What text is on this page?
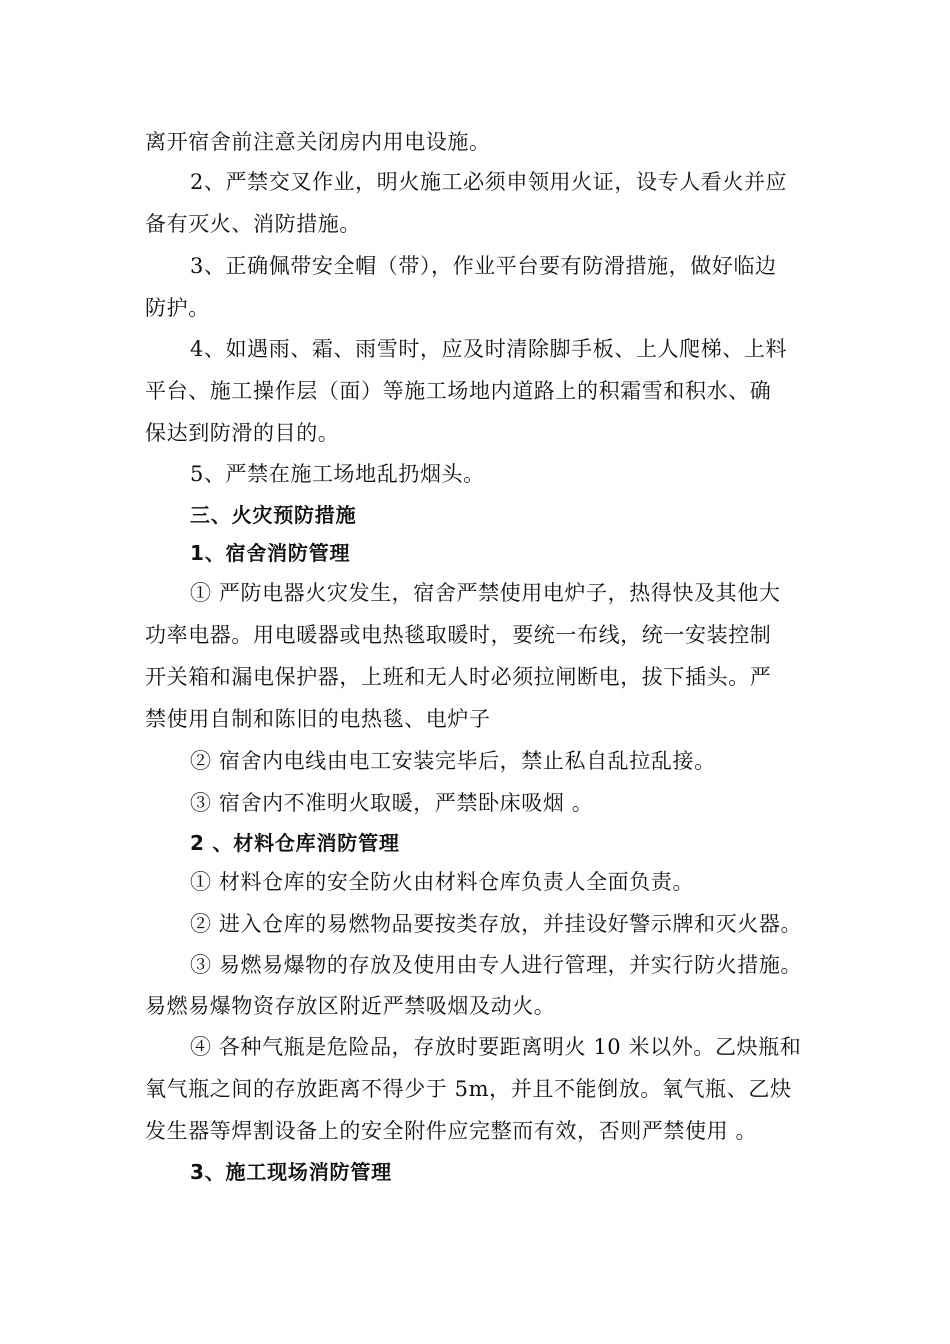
离开宿舍前注意关闭房内用电设施。
2、严禁交叉作业，明火施工必须申领用火证，设专人看火并应
备有灭火、消防措施。
3、正确佩带安全帽（带），作业平台要有防滑措施，做好临边
防护。
4、如遇雨、霜、雨雪时，应及时清除脚手板、上人爬梯、上料
平台、施工操作层（面）等施工场地内道路上的积霜雪和积水、确
保达到防滑的目的。
5、严禁在施工场地乱扔烟头。
三、火灾预防措施
1、宿舍消防管理
① 严防电器火灾发生，宿舍严禁使用电炉子，热得快及其他大
功率电器。用电暖器或电热毯取暖时，要统一布线，统一安装控制
开关箱和漏电保护器，上班和无人时必须拉闸断电，拔下插头。严
禁使用自制和陈旧的电热毯、电炉子
② 宿舍内电线由电工安装完毕后，禁止私自乱拉乱接。
③ 宿舍内不准明火取暖，严禁卧床吸烟 。
2 、材料仓库消防管理
① 材料仓库的安全防火由材料仓库负责人全面负责。
② 进入仓库的易燃物品要按类存放，并挂设好警示牌和灭火器。
③ 易燃易爆物的存放及使用由专人进行管理，并实行防火措施。
易燃易爆物资存放区附近严禁吸烟及动火。
④ 各种气瓶是危险品，存放时要距离明火 10 米以外。乙炔瓶和
氧气瓶之间的存放距离不得少于 5m，并且不能倒放。氧气瓶、乙炔
发生器等焊割设备上的安全附件应完整而有效，否则严禁使用 。
3、施工现场消防管理
